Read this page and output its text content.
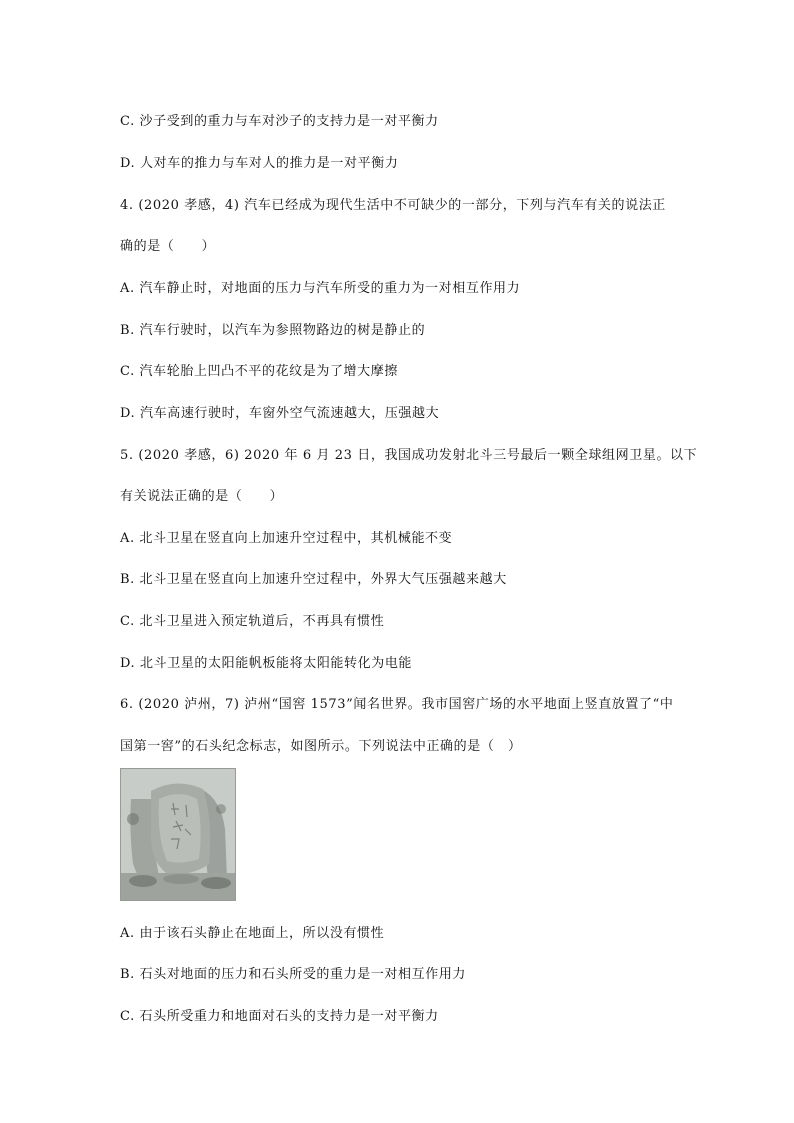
C. 沙子受到的重力与车对沙子的支持力是一对平衡力
D. 人对车的推力与车对人的推力是一对平衡力
4. (2020 孝感，4) 汽车已经成为现代生活中不可缺少的一部分，下列与汽车有关的说法正
确的是（　　）
A. 汽车静止时，对地面的压力与汽车所受的重力为一对相互作用力
B. 汽车行驶时，以汽车为参照物路边的树是静止的
C. 汽车轮胎上凹凸不平的花纹是为了增大摩擦
D. 汽车高速行驶时，车窗外空气流速越大，压强越大
5. (2020 孝感，6) 2020 年 6 月 23 日，我国成功发射北斗三号最后一颗全球组网卫星。以下
有关说法正确的是（　　）
A. 北斗卫星在竖直向上加速升空过程中，其机械能不变
B. 北斗卫星在竖直向上加速升空过程中，外界大气压强越来越大
C. 北斗卫星进入预定轨道后，不再具有惯性
D. 北斗卫星的太阳能帆板能将太阳能转化为电能
6. (2020 泸州，7) 泸州“国窖 1573”闻名世界。我市国窖广场的水平地面上竖直放置了“中
国第一窖”的石头纪念标志，如图所示。下列说法中正确的是（　）
A. 由于该石头静止在地面上，所以没有惯性
B. 石头对地面的压力和石头所受的重力是一对相互作用力
C. 石头所受重力和地面对石头的支持力是一对平衡力
